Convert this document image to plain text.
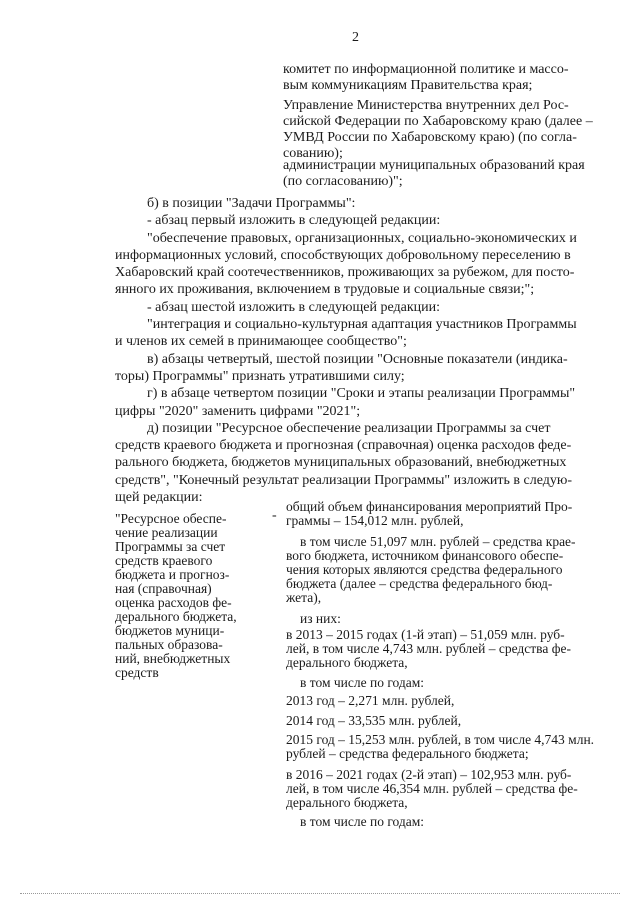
2
комитет по информационной политике и массо-
вым коммуникациям Правительства края;
Управление Министерства внутренних дел Рос-
сийской Федерации по Хабаровскому краю (далее –
УМВД России по Хабаровскому краю) (по согла-
сованию);
администрации муниципальных образований края
(по согласованию)";
б) в позиции "Задачи Программы":
- абзац первый изложить в следующей редакции:
"обеспечение правовых, организационных, социально-экономических и
информационных условий, способствующих добровольному переселению в
Хабаровский край соотечественников, проживающих за рубежом, для посто-
янного их проживания, включением в трудовые и социальные связи;";
- абзац шестой изложить в следующей редакции:
"интеграция и социально-культурная адаптация участников Программы
и членов их семей в принимающее сообщество";
в) абзацы четвертый, шестой позиции "Основные показатели (индика-
торы) Программы" признать утратившими силу;
г) в абзаце четвертом позиции "Сроки и этапы реализации Программы"
цифры "2020" заменить цифрами "2021";
д) позиции "Ресурсное обеспечение реализации Программы за счет
средств краевого бюджета и прогнозная (справочная) оценка расходов феде-
рального бюджета, бюджетов муниципальных образований, внебюджетных
средств", "Конечный результат реализации Программы" изложить в следую-
щей редакции:
"Ресурсное обеспе-
чение реализации
Программы за счет
средств краевого
бюджета и прогноз-
ная (справочная)
оценка расходов фе-
дерального бюджета,
бюджетов муници-
пальных образова-
ний, внебюджетных
средств
-
общий объем финансирования мероприятий Про-
граммы – 154,012 млн. рублей,
в том числе 51,097 млн. рублей – средства крае-
вого бюджета, источником финансового обеспе-
чения которых являются средства федерального
бюджета (далее – средства федерального бюд-
жета),
из них:
в 2013 – 2015 годах (1-й этап) – 51,059 млн. руб-
лей, в том числе 4,743 млн. рублей – средства фе-
дерального бюджета,
в том числе по годам:
2013 год – 2,271 млн. рублей,
2014 год – 33,535 млн. рублей,
2015 год – 15,253 млн. рублей, в том числе 4,743 млн.
рублей – средства федерального бюджета;
в 2016 – 2021 годах (2-й этап) – 102,953 млн. руб-
лей, в том числе 46,354 млн. рублей – средства фе-
дерального бюджета,
в том числе по годам:
